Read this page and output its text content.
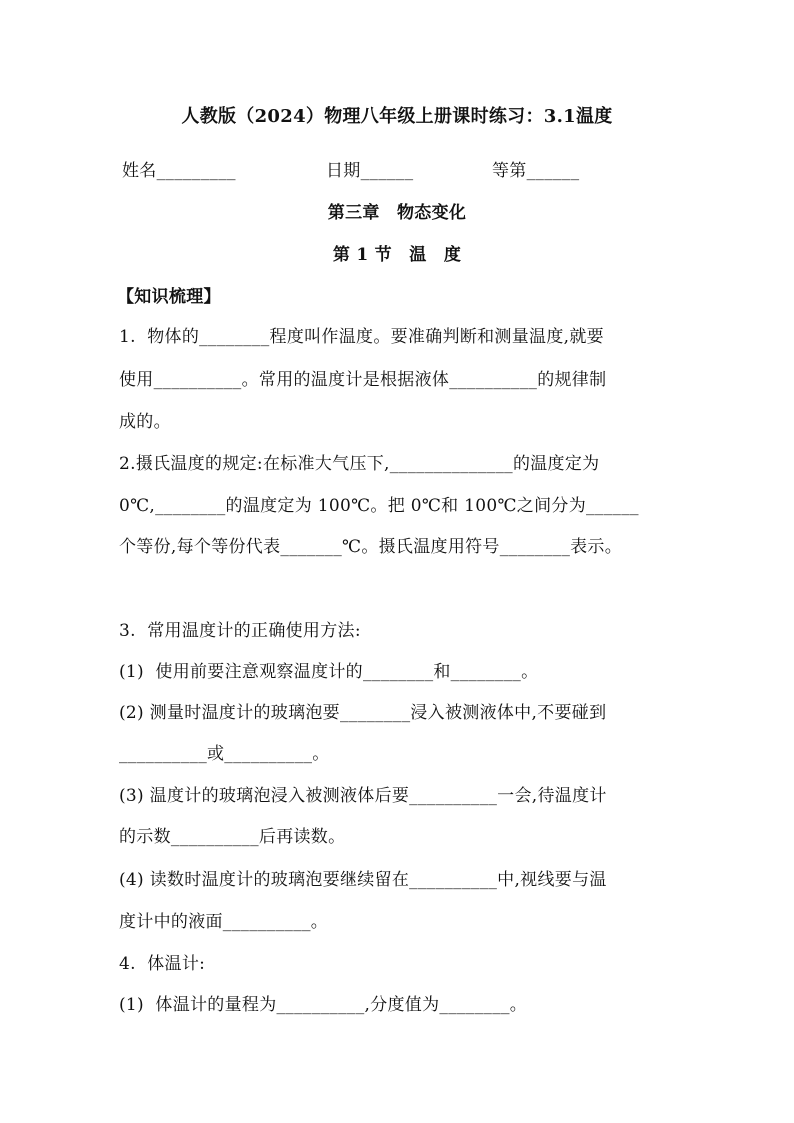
人教版（2024）物理八年级上册课时练习：3.1温度
姓名_________	日期______	等第______
第三章　物态变化
第 1 节　温　度
【知识梳理】
1.  物体的________程度叫作温度。要准确判断和测量温度,就要
使用__________。常用的温度计是根据液体__________的规律制
成的。
2.摄氏温度的规定:在标准大气压下,______________的温度定为
0℃,________的温度定为 100℃。把 0℃和 100℃之间分为______
个等份,每个等份代表_______℃。摄氏温度用符号________表示。
3.  常用温度计的正确使用方法:
(1)  使用前要注意观察温度计的________和________。
(2) 测量时温度计的玻璃泡要________浸入被测液体中,不要碰到
__________或__________。
(3) 温度计的玻璃泡浸入被测液体后要__________一会,待温度计
的示数__________后再读数。
(4) 读数时温度计的玻璃泡要继续留在__________中,视线要与温
度计中的液面__________。
4.  体温计:
(1)  体温计的量程为__________,分度值为________。
